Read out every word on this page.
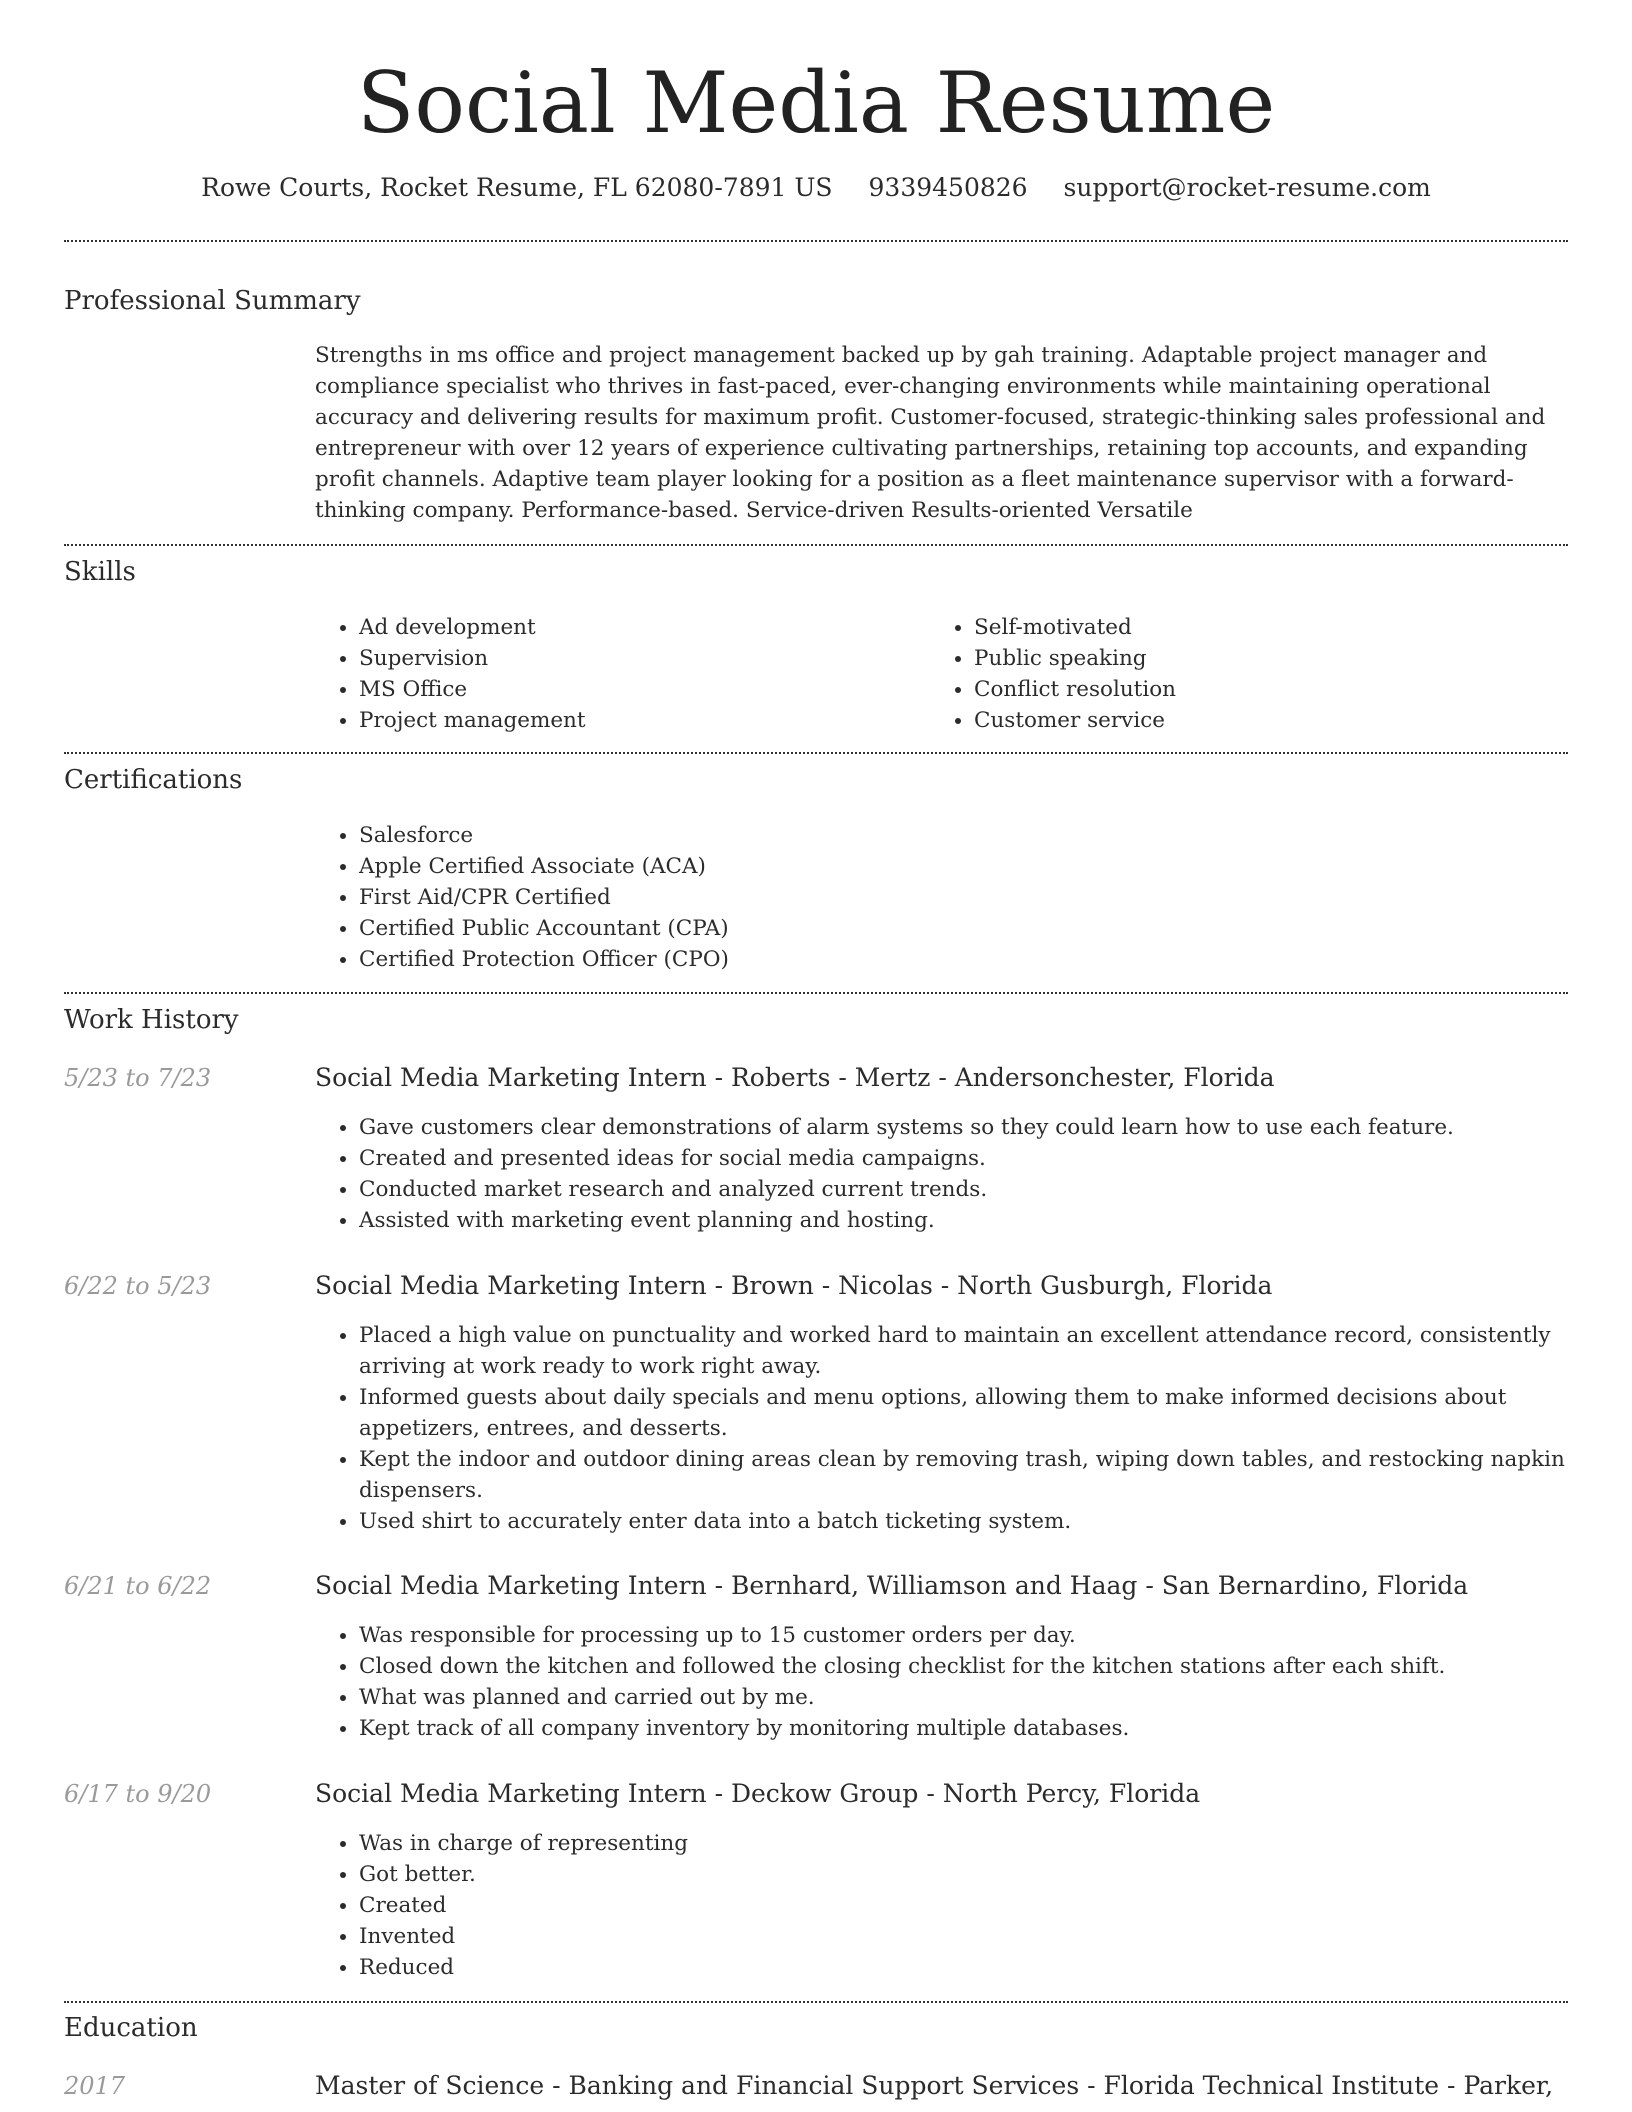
Social Media Resume
Rowe Courts, Rocket Resume, FL 62080-7891 US 9339450826 support@rocket-resume.com
Professional Summary

Strengths in ms office and project management backed up by gah training. Adaptable project manager and compliance specialist who thrives in fast-paced, ever-changing environments while maintaining operational accuracy and delivering results for maximum profit. Customer-focused, strategic-thinking sales professional and entrepreneur with over 12 years of experience cultivating partnerships, retaining top accounts, and expanding profit channels. Adaptive team player looking for a position as a fleet maintenance supervisor with a forward-thinking company. Performance-based. Service-driven Results-oriented Versatile

Skills
• Ad development
• Supervision
• MS Office
• Project management
• Self-motivated
• Public speaking
• Conflict resolution
• Customer service
Certifications
• Salesforce
• Apple Certified Associate (ACA)
• First Aid/CPR Certified
• Certified Public Accountant (CPA)
• Certified Protection Officer (CPO)
Work History
5/23 to 7/23	Social Media Marketing Intern - Roberts - Mertz - Andersonchester, Florida
• Gave customers clear demonstrations of alarm systems so they could learn how to use each feature.
• Created and presented ideas for social media campaigns.
• Conducted market research and analyzed current trends.
• Assisted with marketing event planning and hosting.
6/22 to 5/23	Social Media Marketing Intern - Brown - Nicolas - North Gusburgh, Florida
• Placed a high value on punctuality and worked hard to maintain an excellent attendance record, consistently arriving at work ready to work right away.
• Informed guests about daily specials and menu options, allowing them to make informed decisions about appetizers, entrees, and desserts.
• Kept the indoor and outdoor dining areas clean by removing trash, wiping down tables, and restocking napkin dispensers.
• Used shirt to accurately enter data into a batch ticketing system.
6/21 to 6/22	Social Media Marketing Intern - Bernhard, Williamson and Haag - San Bernardino, Florida
• Was responsible for processing up to 15 customer orders per day.
• Closed down the kitchen and followed the closing checklist for the kitchen stations after each shift.
• What was planned and carried out by me.
• Kept track of all company inventory by monitoring multiple databases.
6/17 to 9/20	Social Media Marketing Intern - Deckow Group - North Percy, Florida
• Was in charge of representing
• Got better.
• Created
• Invented
• Reduced
Education
2017	Master of Science - Banking and Financial Support Services - Florida Technical Institute - Parker,
